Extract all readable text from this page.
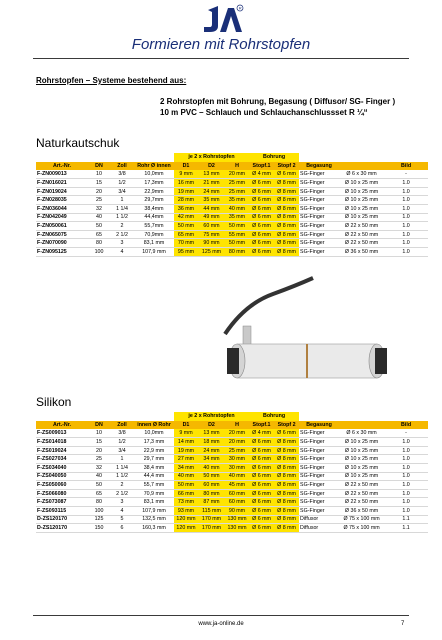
R
Formieren mit Rohrstopfen
Rohrstopfen – Systeme bestehend aus:
2 Rohrstopfen mit Bohrung, Begasung ( Diffusor/ SG- Finger )
10 m PVC – Schlauch und Schlauchanschlussset R ¼“
Naturkautschuk
				je 2 x Rohrstopfen			Bohrung				
Art.-Nr.	DN	Zoll	Rohr Ø innen	D1	D2	H	Stopf.1	Stopf 2	Begasung		Bild
F-ZN009013	10	3/8	10,0mm	9 mm	13 mm	20 mm	Ø 4 mm	Ø 6 mm	SG-Finger	Ø 6 x 30 mm	-
F-ZN016021	15	1/2	17,3mm	16 mm	21 mm	25 mm	Ø 6 mm	Ø 8 mm	SG-Finger	Ø 10 x 25 mm	1.0
F-ZN019024	20	3/4	22,9mm	19 mm	24 mm	25 mm	Ø 6 mm	Ø 8 mm	SG-Finger	Ø 10 x 25 mm	1.0
F-ZN028035	25	1	29,7mm	28 mm	35 mm	35 mm	Ø 6 mm	Ø 8 mm	SG-Finger	Ø 10 x 25 mm	1.0
F-ZN036044	32	1 1/4	38,4mm	36 mm	44 mm	40 mm	Ø 6 mm	Ø 8 mm	SG-Finger	Ø 10 x 25 mm	1.0
F-ZN042049	40	1 1/2	44,4mm	42 mm	49 mm	35 mm	Ø 6 mm	Ø 8 mm	SG-Finger	Ø 10 x 25 mm	1.0
F-ZN050061	50	2	55,7mm	50 mm	60 mm	50 mm	Ø 6 mm	Ø 8 mm	SG-Finger	Ø 22 x 50 mm	1.0
F-ZN065075	65	2 1/2	70,9mm	65 mm	75 mm	55 mm	Ø 6 mm	Ø 8 mm	SG-Finger	Ø 22 x 50 mm	1.0
F-ZN070090	80	3	83,1 mm	70 mm	90 mm	50 mm	Ø 6 mm	Ø 8 mm	SG-Finger	Ø 22 x 50 mm	1.0
F-ZN095125	100	4	107,9 mm	95 mm	125 mm	80 mm	Ø 6 mm	Ø 8 mm	SG-Finger	Ø 36 x 50 mm	1.0
Silikon
				je 2 x Rohrstopfen			Bohrung				
Art.-Nr.	DN	Zoll	innen Ø Rohr	D1	D2	H	Stopf.1	Stopf 2	Begasung		Bild
F-ZS009013	10	3/8	10,0mm	9 mm	13 mm	20 mm	Ø 4 mm	Ø 6 mm	SG-Finger	Ø 6 x 30 mm	-
F-ZS014018	15	1/2	17,3 mm	14 mm	18 mm	20 mm	Ø 6 mm	Ø 8 mm	SG-Finger	Ø 10 x 25 mm	1.0
F-ZS019024	20	3/4	22,9 mm	19 mm	24 mm	25 mm	Ø 6 mm	Ø 8 mm	SG-Finger	Ø 10 x 25 mm	1.0
F-ZS027034	25	1	29,7 mm	27 mm	34 mm	30 mm	Ø 6 mm	Ø 8 mm	SG-Finger	Ø 10 x 25 mm	1.0
F-ZS034040	32	1 1/4	38,4 mm	34 mm	40 mm	30 mm	Ø 6 mm	Ø 8 mm	SG-Finger	Ø 10 x 25 mm	1.0
F-ZS040050	40	1 1/2	44,4 mm	40 mm	50 mm	40 mm	Ø 6 mm	Ø 8 mm	SG-Finger	Ø 10 x 25 mm	1.0
F-ZS050060	50	2	55,7 mm	50 mm	60 mm	45 mm	Ø 6 mm	Ø 8 mm	SG-Finger	Ø 22 x 50 mm	1.0
F-ZS066080	65	2 1/2	70,9 mm	66 mm	80 mm	60 mm	Ø 6 mm	Ø 8 mm	SG-Finger	Ø 22 x 50 mm	1.0
F-ZS073087	80	3	83,1 mm	73 mm	87 mm	60 mm	Ø 6 mm	Ø 8 mm	SG-Finger	Ø 22 x 50 mm	1.0
F-ZS093115	100	4	107,9 mm	93 mm	115 mm	90 mm	Ø 6 mm	Ø 8 mm	SG-Finger	Ø 36 x 50 mm	1.0
D-ZS120170	125	5	132,5 mm	120 mm	170 mm	130 mm	Ø 6 mm	Ø 8 mm	Diffusor	Ø 75 x 100 mm	1.1
D-ZS120170	150	6	160,3 mm	120 mm	170 mm	130 mm	Ø 6 mm	Ø 8 mm	Diffusor	Ø 75 x 100 mm	1.1
www.ja-online.de	7
